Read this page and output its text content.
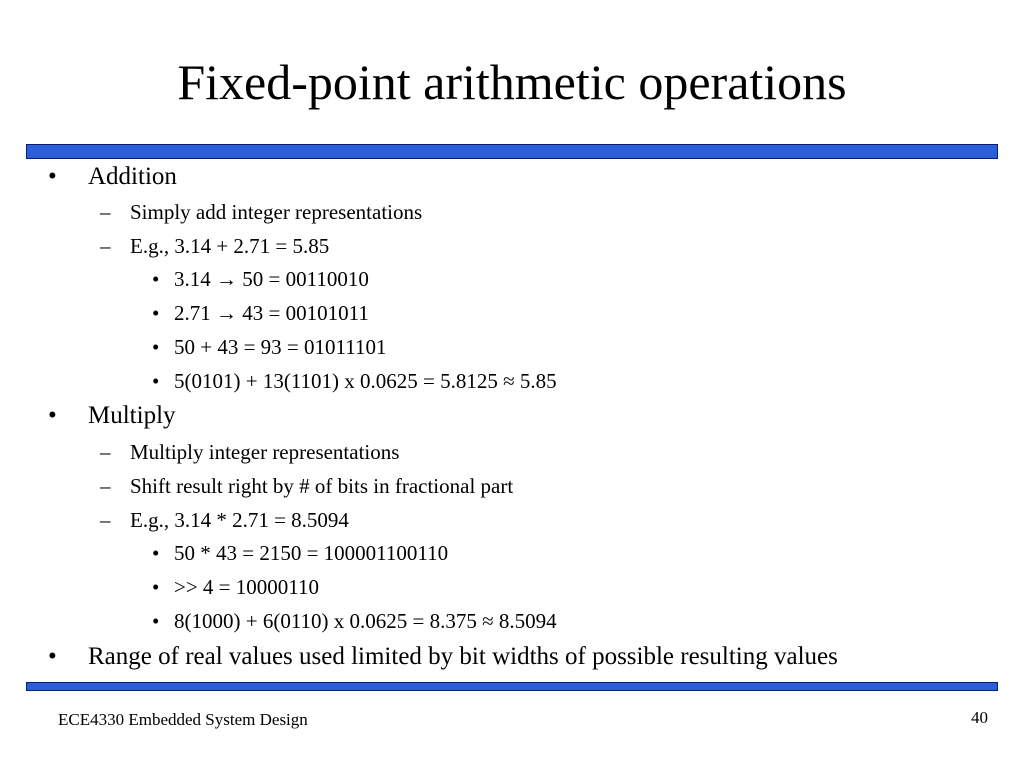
Fixed-point arithmetic operations
• Addition
– Simply add integer representations
– E.g., 3.14 + 2.71 = 5.85
• 3.14 → 50 = 00110010
• 2.71 → 43 = 00101011
• 50 + 43 = 93 = 01011101
• 5(0101) + 13(1101) x 0.0625 = 5.8125 ≈ 5.85
• Multiply
– Multiply integer representations
– Shift result right by # of bits in fractional part
– E.g., 3.14 * 2.71 = 8.5094
• 50 * 43 = 2150 = 100001100110
• >> 4 = 10000110
• 8(1000) + 6(0110) x 0.0625 = 8.375 ≈ 8.5094
• Range of real values used limited by bit widths of possible resulting values
ECE4330 Embedded System Design	40
